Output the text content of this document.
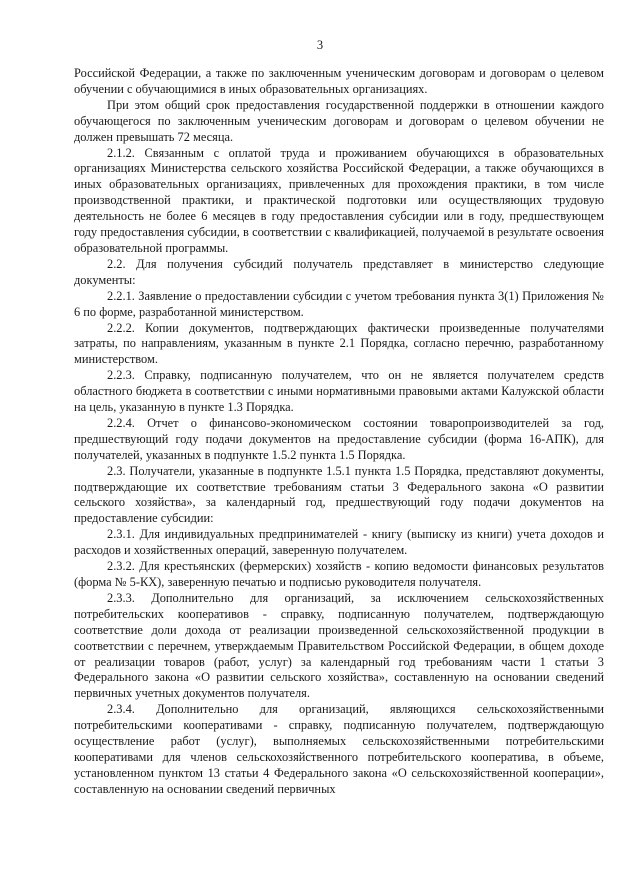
3

Российской Федерации, а также по заключенным ученическим договорам и договорам о целевом обучении с обучающимися в иных образовательных организациях.

При этом общий срок предоставления государственной поддержки в отношении каждого обучающегося по заключенным ученическим договорам и договорам о целевом обучении не должен превышать 72 месяца.

2.1.2. Связанным с оплатой труда и проживанием обучающихся в образовательных организациях Министерства сельского хозяйства Российской Федерации, а также обучающихся в иных образовательных организациях, привлеченных для прохождения практики, в том числе производственной практики, и практической подготовки или осуществляющих трудовую деятельность не более 6 месяцев в году предоставления субсидии или в году, предшествующем году предоставления субсидии, в соответствии с квалификацией, получаемой в результате освоения образовательной программы.

2.2. Для получения субсидий получатель представляет в министерство следующие документы:

2.2.1. Заявление о предоставлении субсидии с учетом требования пункта 3(1) Приложения № 6 по форме, разработанной министерством.

2.2.2. Копии документов, подтверждающих фактически произведенные получателями затраты, по направлениям, указанным в пункте 2.1 Порядка, согласно перечню, разработанному министерством.

2.2.3. Справку, подписанную получателем, что он не является получателем средств областного бюджета в соответствии с иными нормативными правовыми актами Калужской области на цель, указанную в пункте 1.3 Порядка.

2.2.4. Отчет о финансово-экономическом состоянии товаропроизводителей за год, предшествующий году подачи документов на предоставление субсидии (форма 16-АПК), для получателей, указанных в подпункте 1.5.2 пункта 1.5 Порядка.

2.3. Получатели, указанные в подпункте 1.5.1 пункта 1.5 Порядка, представляют документы, подтверждающие их соответствие требованиям статьи 3 Федерального закона «О развитии сельского хозяйства», за календарный год, предшествующий году подачи документов на предоставление субсидии:

2.3.1. Для индивидуальных предпринимателей - книгу (выписку из книги) учета доходов и расходов и хозяйственных операций, заверенную получателем.

2.3.2. Для крестьянских (фермерских) хозяйств - копию ведомости финансовых результатов (форма № 5-КХ), заверенную печатью и подписью руководителя получателя.

2.3.3. Дополнительно для организаций, за исключением сельскохозяйственных потребительских кооперативов - справку, подписанную получателем, подтверждающую соответствие доли дохода от реализации произведенной сельскохозяйственной продукции в соответствии с перечнем, утверждаемым Правительством Российской Федерации, в общем доходе от реализации товаров (работ, услуг) за календарный год требованиям части 1 статьи 3 Федерального закона «О развитии сельского хозяйства», составленную на основании сведений первичных учетных документов получателя.

2.3.4. Дополнительно для организаций, являющихся сельскохозяйственными потребительскими кооперативами - справку, подписанную получателем, подтверждающую осуществление работ (услуг), выполняемых сельскохозяйственными потребительскими кооперативами для членов сельскохозяйственного потребительского кооператива, в объеме, установленном пунктом 13 статьи 4 Федерального закона «О сельскохозяйственной кооперации», составленную на основании сведений первичных
